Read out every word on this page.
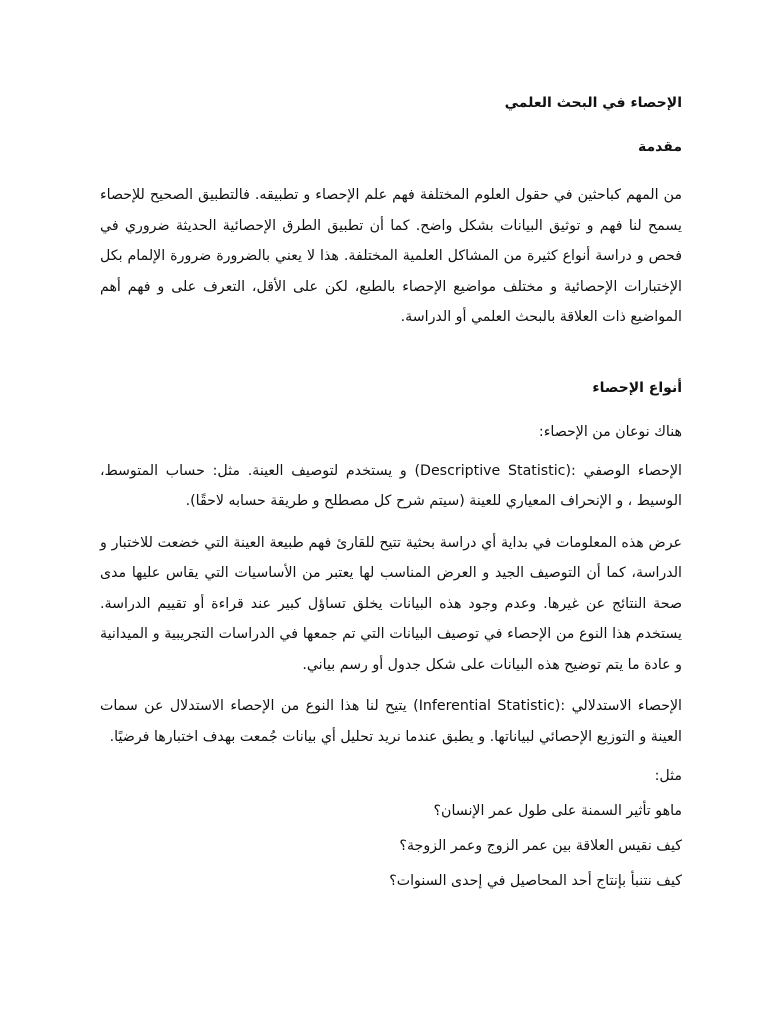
الإحصاء في البحث العلمي
مقدمة

من المهم كباحثين في حقول العلوم المختلفة فهم علم الإحصاء و تطبيقه. فالتطبيق الصحيح للإحصاء يسمح لنا فهم و توثيق البيانات بشكل واضح. كما أن تطبيق الطرق الإحصائية الحديثة ضروري في فحص و دراسة أنواع كثيرة من المشاكل العلمية المختلفة. هذا لا يعني بالضرورة ضرورة الإلمام بكل الإختبارات الإحصائية و مختلف مواضيع الإحصاء بالطبع، لكن على الأقل، التعرف على و فهم أهم المواضيع ذات العلاقة بالبحث العلمي أو الدراسة.

أنواع الإحصاء

هناك نوعان من الإحصاء:

الإحصاء الوصفي :(Descriptive Statistic) و يستخدم لتوصيف العينة. مثل: حساب المتوسط، الوسيط ، و الإنحراف المعياري للعينة (سيتم شرح كل مصطلح و طريقة حسابه لاحقًا).

عرض هذه المعلومات في بداية أي دراسة بحثية تتيح للقارئ فهم طبيعة العينة التي خضعت للاختبار و الدراسة، كما أن التوصيف الجيد و العرض المناسب لها يعتبر من الأساسيات التي يقاس عليها مدى صحة النتائج عن غيرها. وعدم وجود هذه البيانات يخلق تساؤل كبير عند قراءة أو تقييم الدراسة. يستخدم هذا النوع من الإحصاء في توصيف البيانات التي تم جمعها في الدراسات التجريبية و الميدانية و عادة ما يتم توضيح هذه البيانات على شكل جدول أو رسم بياني.

الإحصاء الاستدلالي :(Inferential Statistic) يتيح لنا هذا النوع من الإحصاء الاستدلال عن سمات العينة و التوزيع الإحصائي لبياناتها. و يطبق عندما نريد تحليل أي بيانات جُمعت بهدف اختبارها فرضيًا.

مثل:

ماهو تأثير السمنة على طول عمر الإنسان؟

كيف نقيس العلاقة بين عمر الزوج وعمر الزوجة؟

كيف نتنبأ بإنتاج أحد المحاصيل في إحدى السنوات؟
